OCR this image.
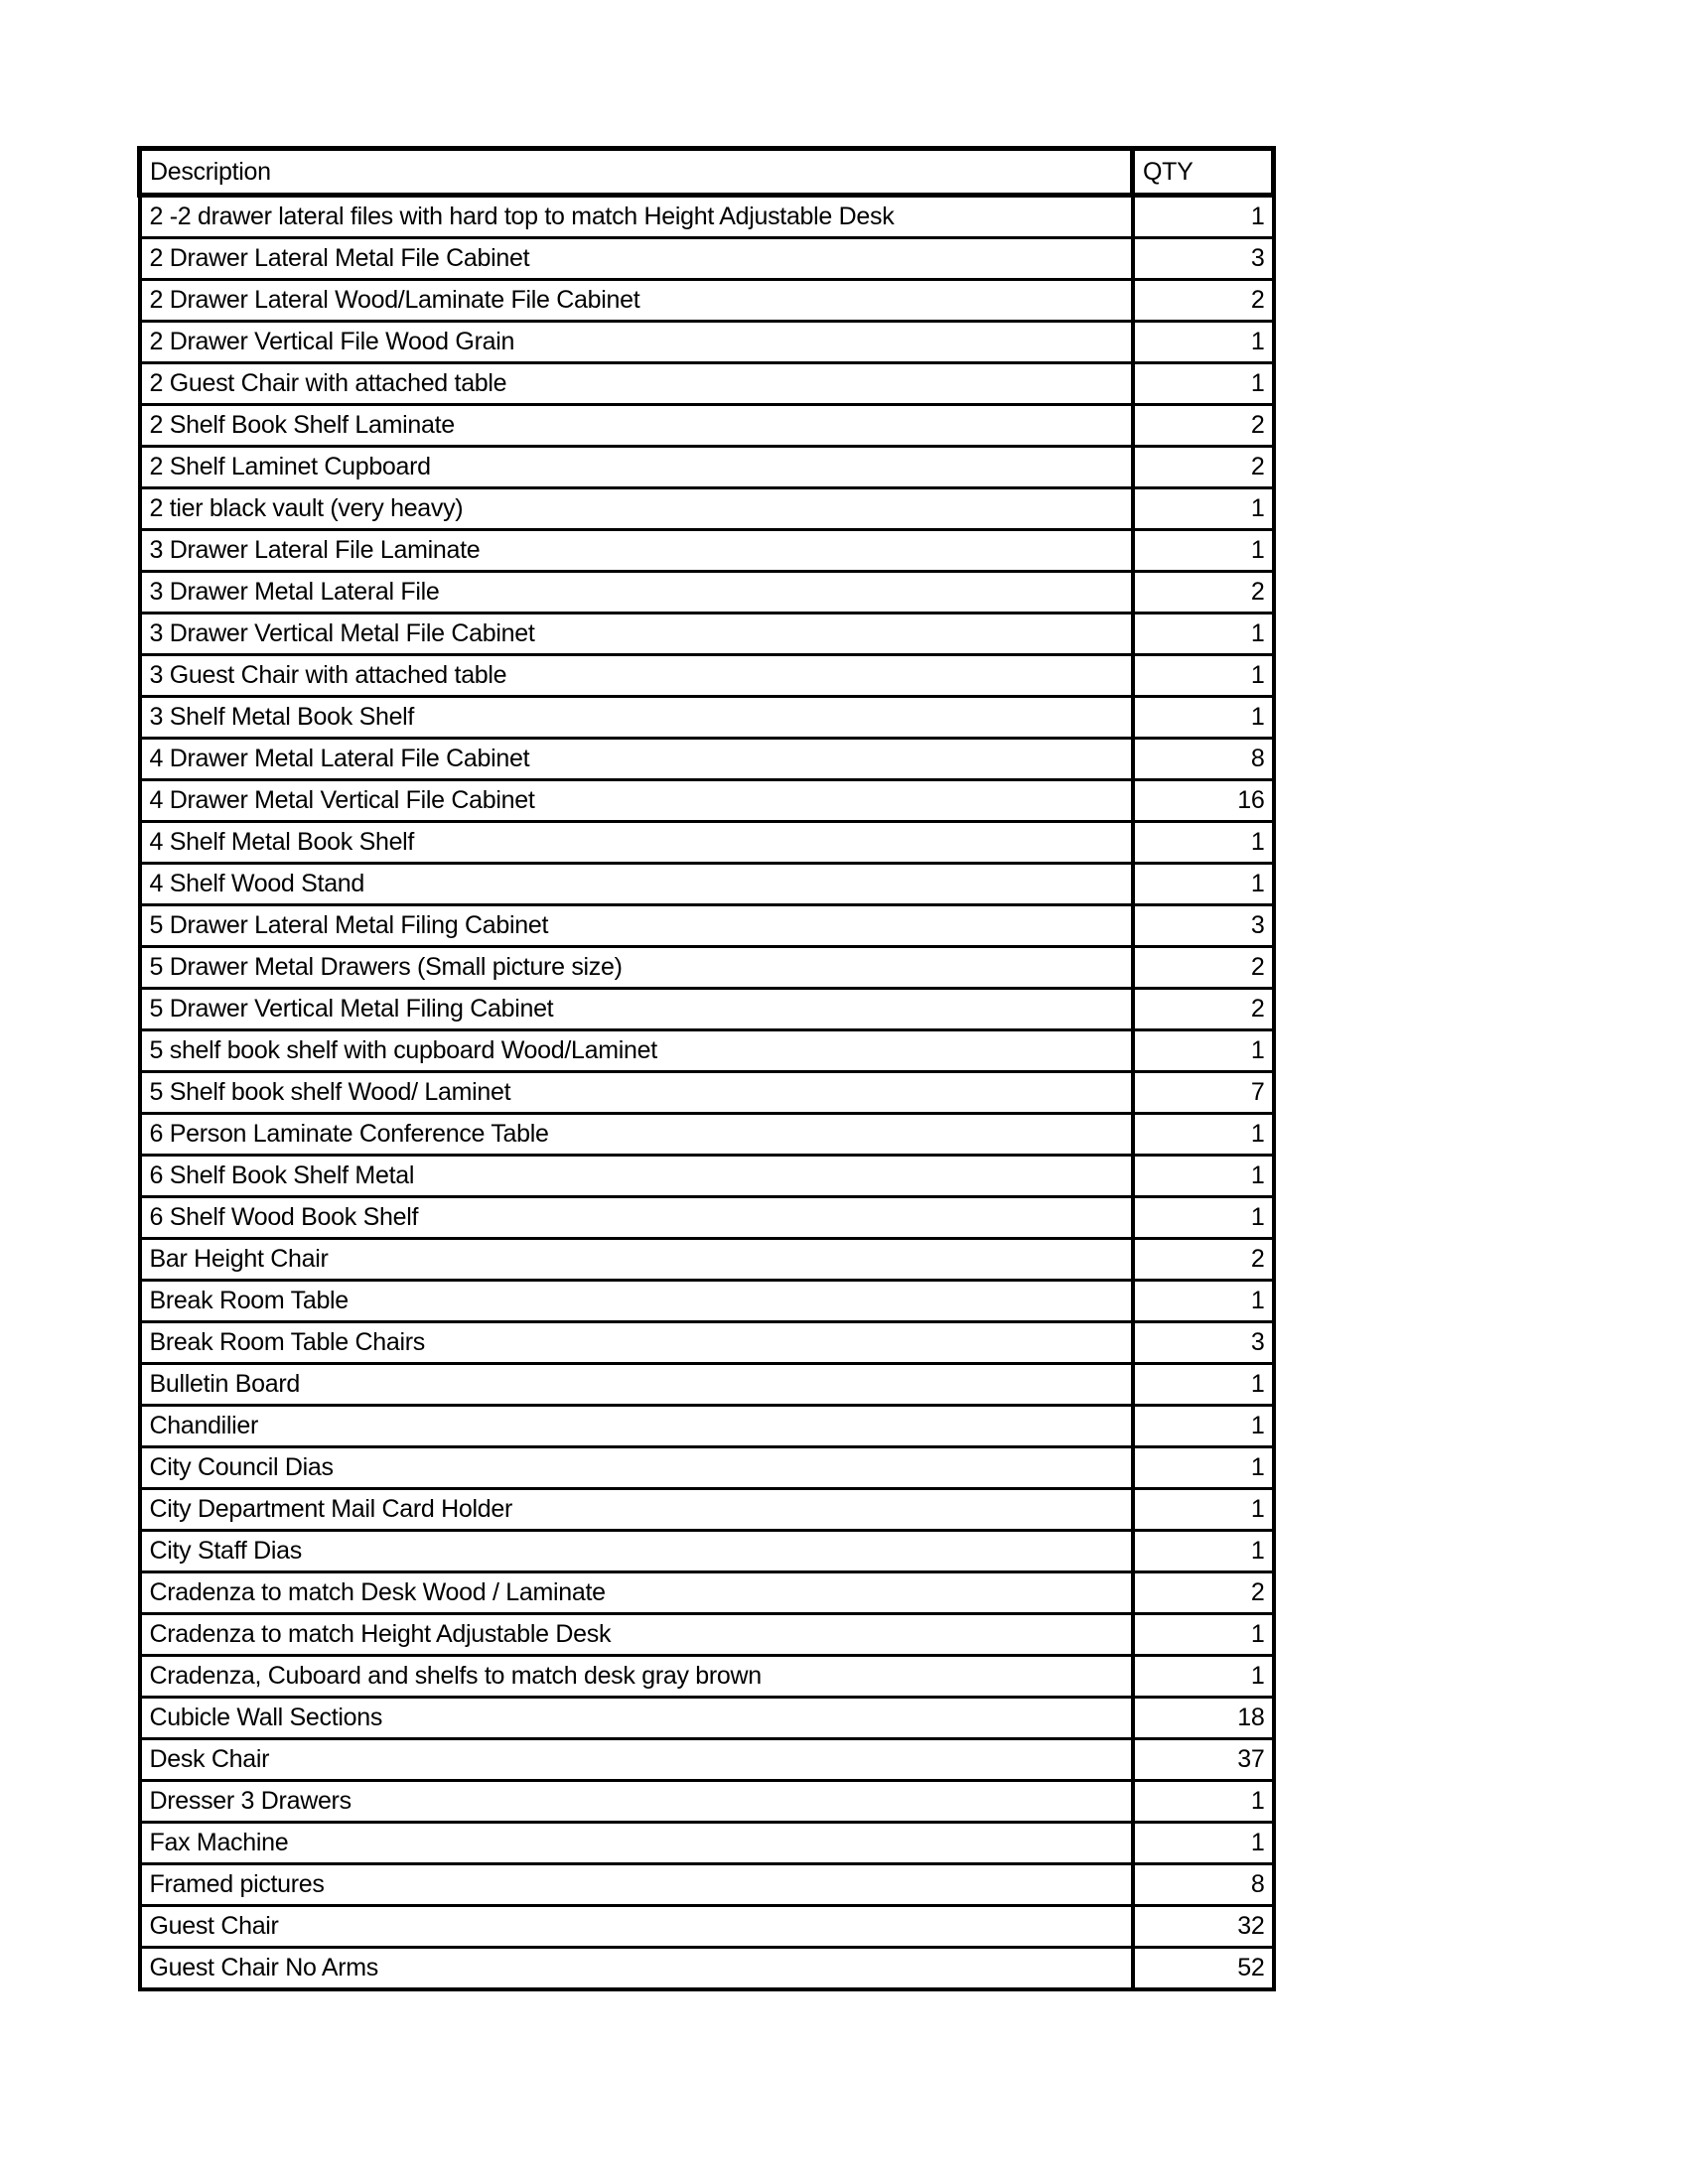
Description	QTY
2 -2 drawer lateral files with hard top to match Height Adjustable Desk	1
2 Drawer Lateral Metal File Cabinet	3
2 Drawer Lateral Wood/Laminate File Cabinet	2
2 Drawer Vertical File Wood Grain	1
2 Guest Chair with attached table	1
2 Shelf Book Shelf Laminate	2
2 Shelf Laminet Cupboard	2
2 tier black vault (very heavy)	1
3 Drawer Lateral File Laminate	1
3 Drawer Metal Lateral File	2
3 Drawer Vertical Metal File Cabinet	1
3 Guest Chair with attached table	1
3 Shelf Metal Book Shelf	1
4 Drawer Metal Lateral File Cabinet	8
4 Drawer Metal Vertical File Cabinet	16
4 Shelf Metal Book Shelf	1
4 Shelf Wood Stand	1
5 Drawer Lateral Metal Filing Cabinet	3
5 Drawer Metal Drawers (Small picture size)	2
5 Drawer Vertical Metal Filing Cabinet	2
5 shelf book shelf with cupboard Wood/Laminet	1
5 Shelf book shelf Wood/ Laminet	7
6 Person Laminate Conference Table	1
6 Shelf Book Shelf Metal	1
6 Shelf Wood Book Shelf	1
Bar Height Chair	2
Break Room Table	1
Break Room Table Chairs	3
Bulletin Board	1
Chandilier	1
City Council Dias	1
City Department Mail Card Holder	1
City Staff Dias	1
Cradenza to match Desk Wood / Laminate	2
Cradenza to match Height Adjustable Desk	1
Cradenza, Cuboard and shelfs to match desk gray brown	1
Cubicle Wall Sections	18
Desk Chair	37
Dresser 3 Drawers	1
Fax Machine	1
Framed pictures	8
Guest Chair	32
Guest Chair No Arms	52
